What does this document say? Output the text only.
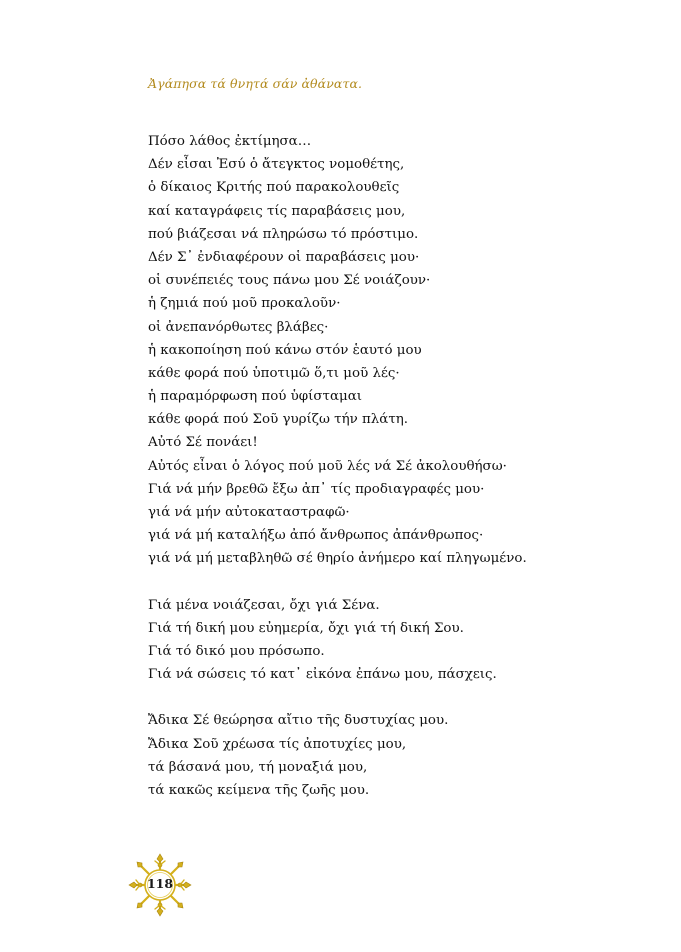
Ἀγάπησα τά θνητά σάν ἀθάνατα.
Πόσο λάθος ἐκτίμησα…
Δέν εἶσαι Ἐσύ ὁ ἄτεγκτος νομοθέτης,
ὁ δίκαιος Κριτής πού παρακολουθεῖς
καί καταγράφεις τίς παραβάσεις μου,
πού βιάζεσαι νά πληρώσω τό πρόστιμο.
Δέν Σ᾿ ἐνδιαφέρουν οἱ παραβάσεις μου·
οἱ συνέπειές τους πάνω μου Σέ νοιάζουν·
ἡ ζημιά πού μοῦ προκαλοῦν·
οἱ ἀνεπανόρθωτες βλάβες·
ἡ κακοποίηση πού κάνω στόν ἑαυτό μου
κάθε φορά πού ὑποτιμῶ ὅ,τι μοῦ λές·
ἡ παραμόρφωση πού ὑφίσταμαι
κάθε φορά πού Σοῦ γυρίζω τήν πλάτη.
Αὐτό Σέ πονάει!
Αὐτός εἶναι ὁ λόγος πού μοῦ λές νά Σέ ἀκολουθήσω·
Γιά νά μήν βρεθῶ ἔξω ἀπ᾿ τίς προδιαγραφές μου·
γιά νά μήν αὐτοκαταστραφῶ·
γιά νά μή καταλήξω ἀπό ἄνθρωπος ἀπάνθρωπος·
γιά νά μή μεταβληθῶ σέ θηρίο ἀνήμερο καί πληγωμένο.
Γιά μένα νοιάζεσαι, ὄχι γιά Σένα.
Γιά τή δική μου εὐημερία, ὄχι γιά τή δική Σου.
Γιά τό δικό μου πρόσωπο.
Γιά νά σώσεις τό κατ᾿ εἰκόνα ἐπάνω μου, πάσχεις.
Ἄδικα Σέ θεώρησα αἴτιο τῆς δυστυχίας μου.
Ἄδικα Σοῦ χρέωσα τίς ἀποτυχίες μου,
τά βάσανά μου, τή μοναξιά μου,
τά κακῶς κείμενα τῆς ζωῆς μου.
118
